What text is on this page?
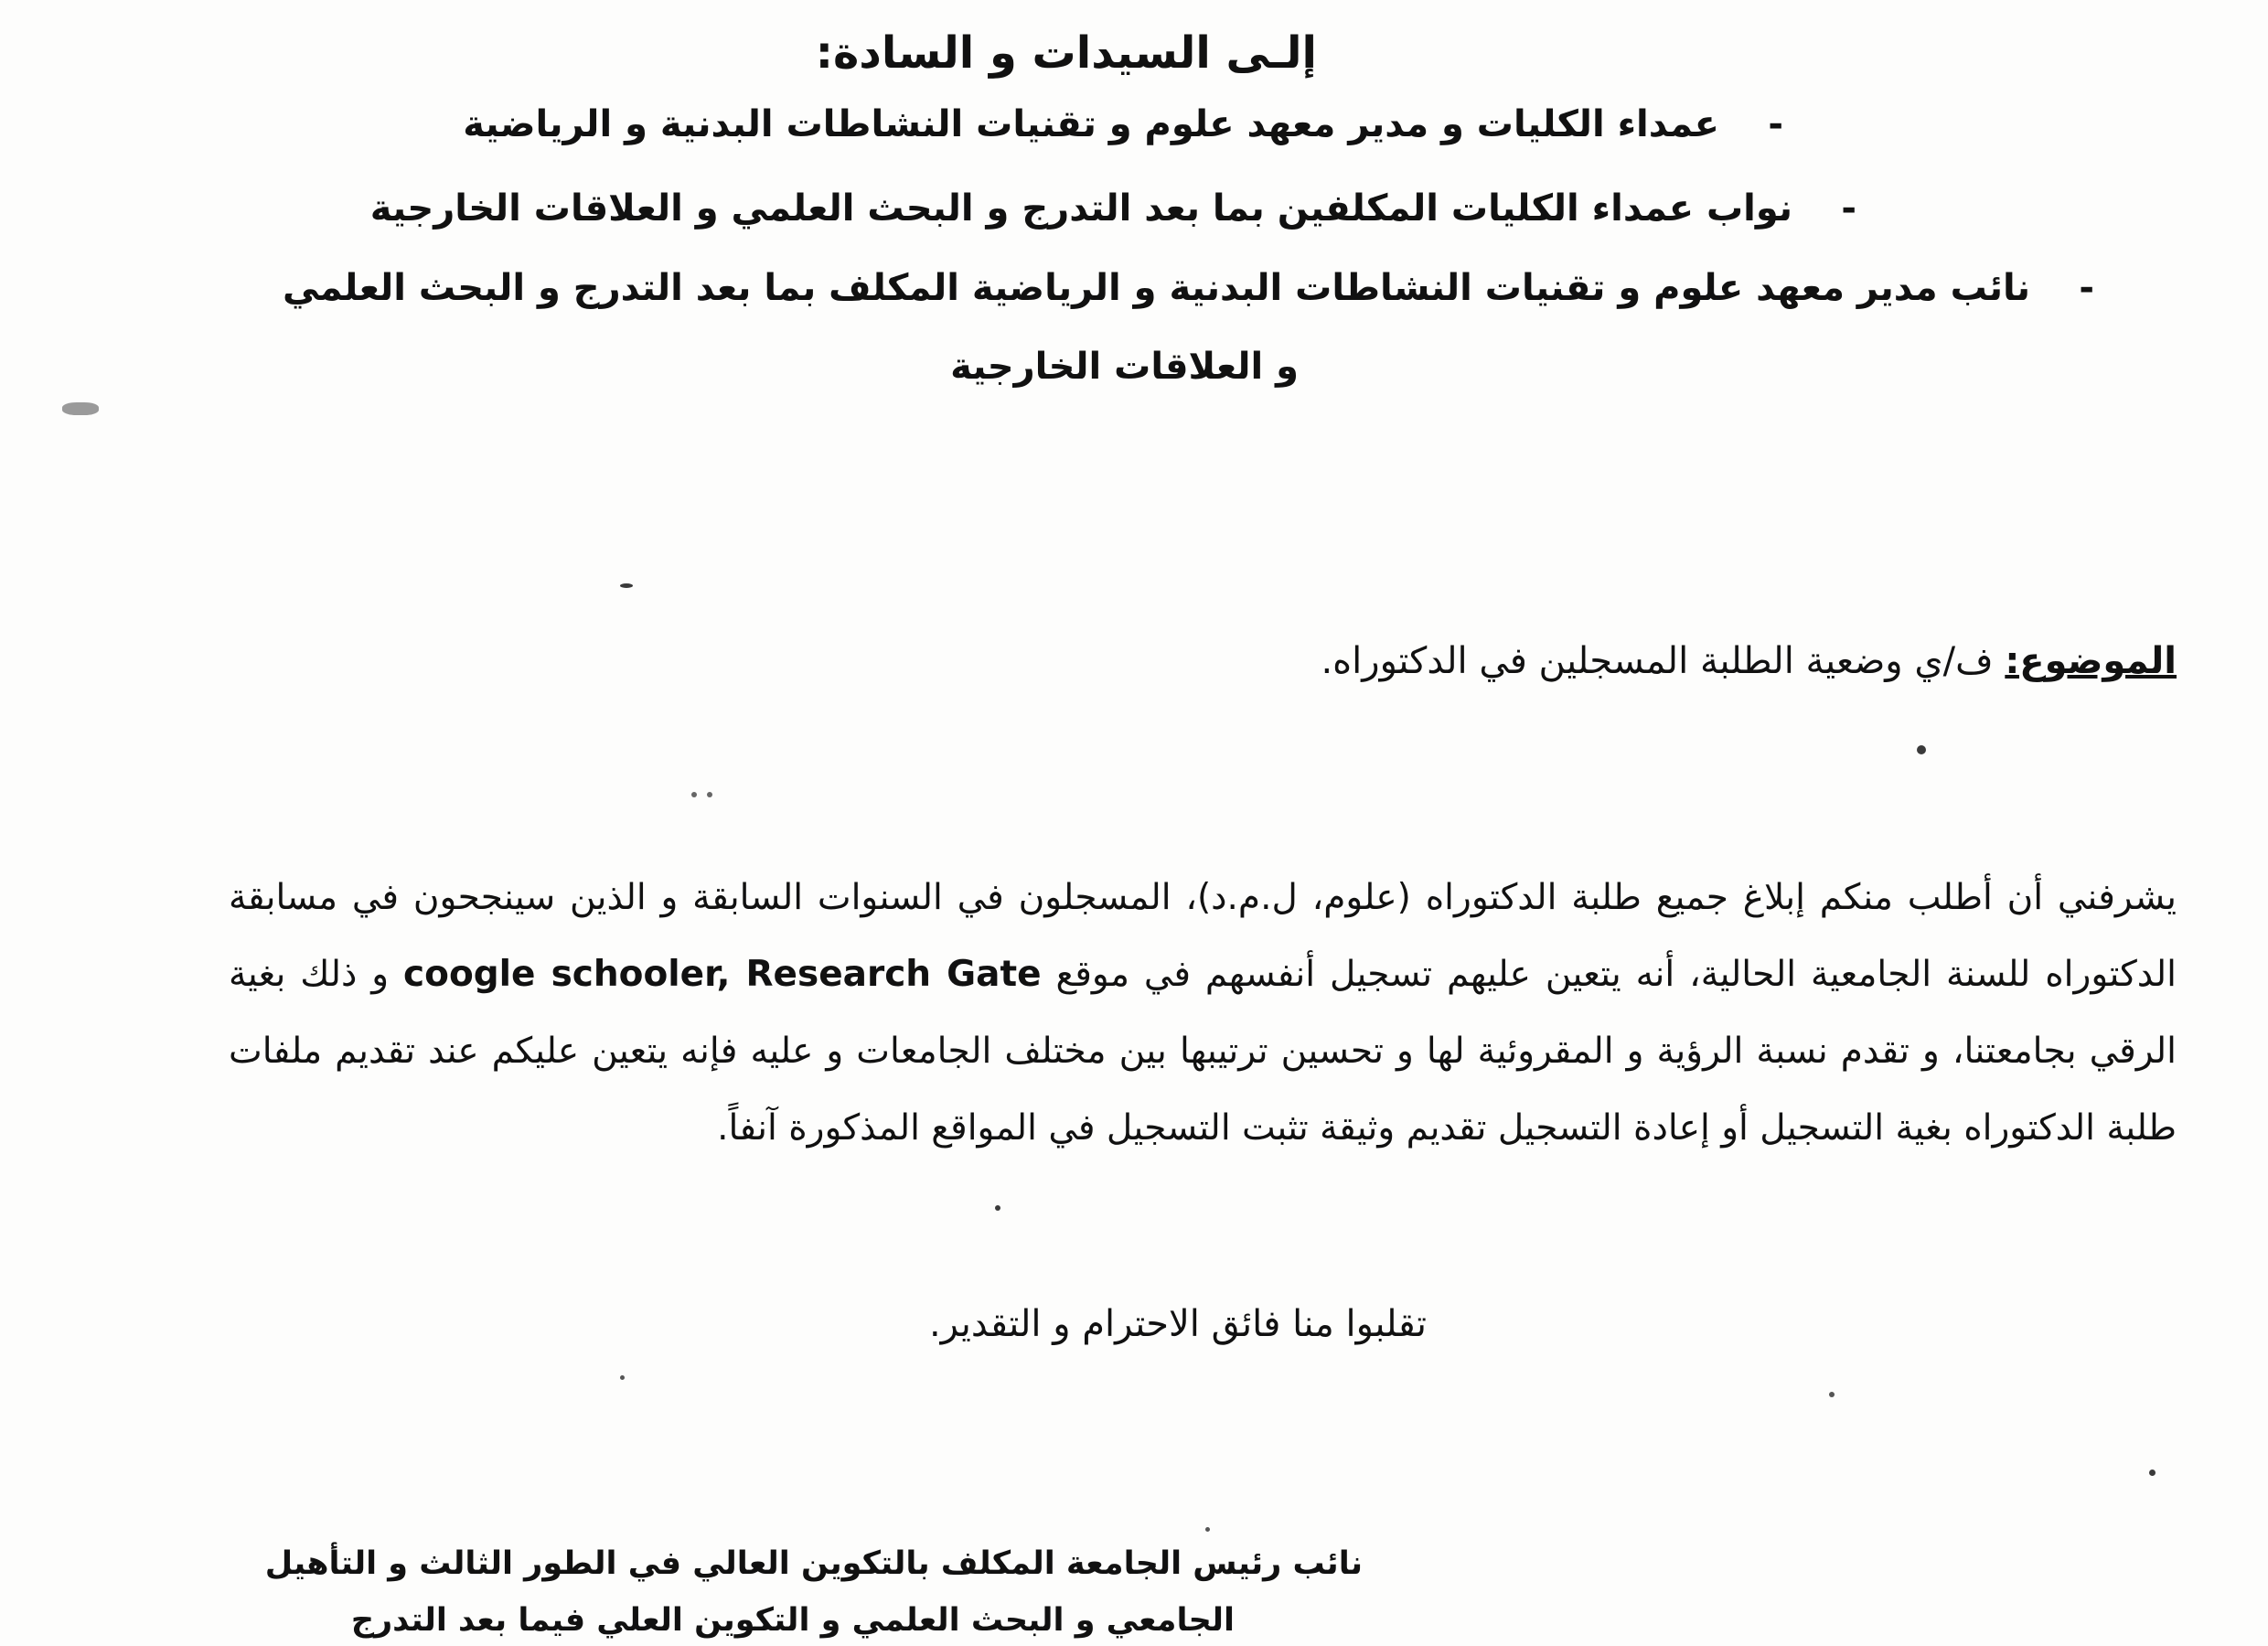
إلـى السيدات و السادة:
-
عمداء الكليات و مدير معهد علوم و تقنيات النشاطات البدنية و الرياضية
-
نواب عمداء الكليات المكلفين بما بعد التدرج و البحث العلمي و العلاقات الخارجية
-
نائب مدير معهد علوم و تقنيات النشاطات البدنية و الرياضية المكلف بما بعد التدرج و البحث العلمي
و العلاقات الخارجية
الموضوع: ف/ي وضعية الطلبة المسجلين في الدكتوراه.
يشرفني أن أطلب منكم إبلاغ جميع طلبة الدكتوراه (علوم، ل.م.د)، المسجلون في السنوات السابقة و الذين سينجحون في مسابقة الدكتوراه للسنة الجامعية الحالية، أنه يتعين عليهم تسجيل أنفسهم في موقع coogle schooler, Research Gate و ذلك بغية الرقي بجامعتنا، و تقدم نسبة الرؤية و المقروئية لها و تحسين ترتيبها بين مختلف الجامعات و عليه فإنه يتعين عليكم عند تقديم ملفات طلبة الدكتوراه بغية التسجيل أو إعادة التسجيل تقديم وثيقة تثبت التسجيل في المواقع المذكورة آنفاً.
تقلبوا منا فائق الاحترام و التقدير.
نائب رئيس الجامعة المكلف بالتكوين العالي في الطور الثالث و التأهيل
الجامعي و البحث العلمي و التكوين العلي فيما بعد التدرج
